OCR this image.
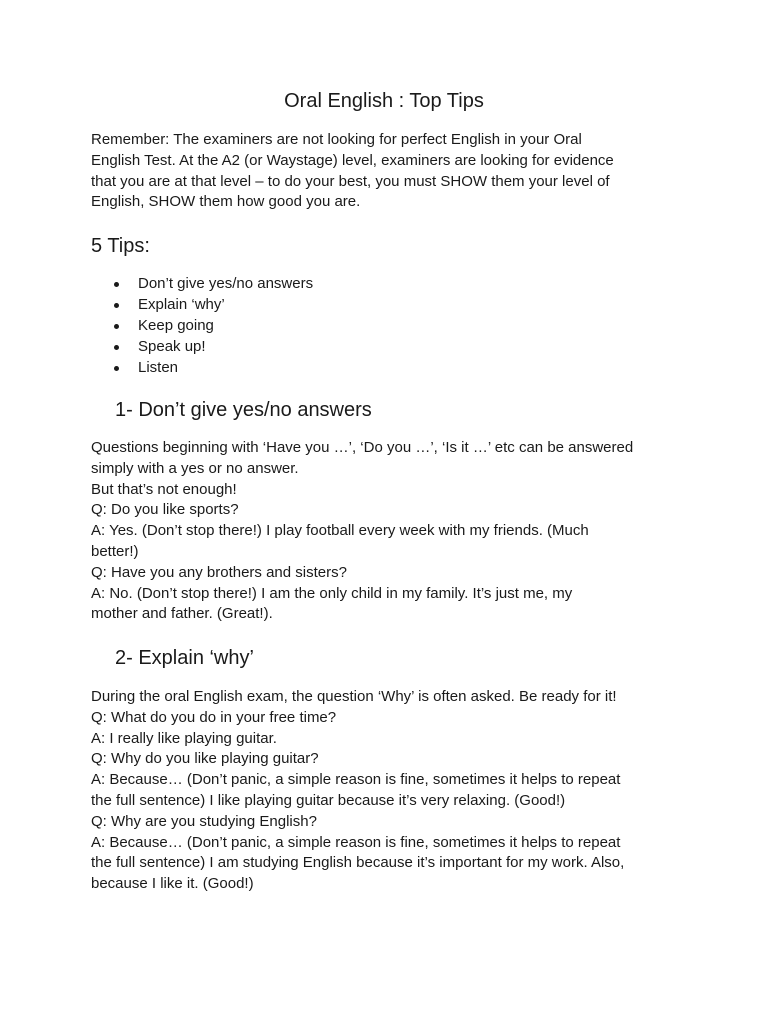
Oral English : Top Tips

Remember: The examiners are not looking for perfect English in your Oral
English Test. At the A2 (or Waystage) level, examiners are looking for evidence
that you are at that level – to do your best, you must SHOW them your level of
English, SHOW them how good you are.

5 Tips:
Don’t give yes/no answers
Explain ‘why’
Keep going
Speak up!
Listen
1- Don’t give yes/no answers

Questions beginning with ‘Have you …’, ‘Do you …’, ‘Is it …’ etc can be answered
simply with a yes or no answer.
But that’s not enough!
Q: Do you like sports?
A: Yes. (Don’t stop there!) I play football every week with my friends. (Much
better!)
Q: Have you any brothers and sisters?
A: No. (Don’t stop there!) I am the only child in my family. It’s just me, my
mother and father. (Great!).

2- Explain ‘why’

During the oral English exam, the question ‘Why’ is often asked. Be ready for it!
Q: What do you do in your free time?
A: I really like playing guitar.
Q: Why do you like playing guitar?
A: Because… (Don’t panic, a simple reason is fine, sometimes it helps to repeat
the full sentence) I like playing guitar because it’s very relaxing. (Good!)
Q: Why are you studying English?
A: Because… (Don’t panic, a simple reason is fine, sometimes it helps to repeat
the full sentence) I am studying English because it’s important for my work. Also,
because I like it. (Good!)
